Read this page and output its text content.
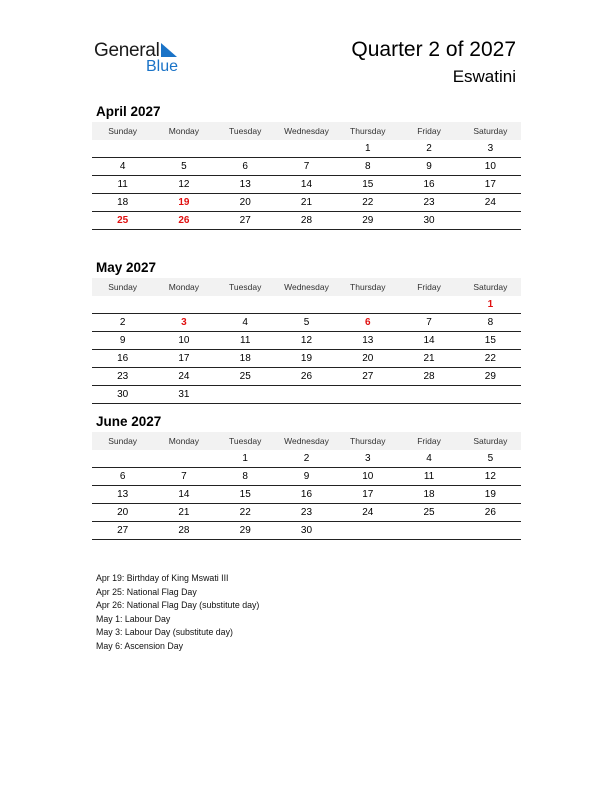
General
Blue
Quarter 2 of 2027
Eswatini
April 2027
Sunday	Monday	Tuesday	Wednesday	Thursday	Friday	Saturday
				1	2	3
4	5	6	7	8	9	10
11	12	13	14	15	16	17
18	19	20	21	22	23	24
25	26	27	28	29	30	
May 2027
Sunday	Monday	Tuesday	Wednesday	Thursday	Friday	Saturday
						1
2	3	4	5	6	7	8
9	10	11	12	13	14	15
16	17	18	19	20	21	22
23	24	25	26	27	28	29
30	31					
June 2027
Sunday	Monday	Tuesday	Wednesday	Thursday	Friday	Saturday
		1	2	3	4	5
6	7	8	9	10	11	12
13	14	15	16	17	18	19
20	21	22	23	24	25	26
27	28	29	30			
Apr 19: Birthday of King Mswati III
Apr 25: National Flag Day
Apr 26: National Flag Day (substitute day)
May 1: Labour Day
May 3: Labour Day (substitute day)
May 6: Ascension Day
